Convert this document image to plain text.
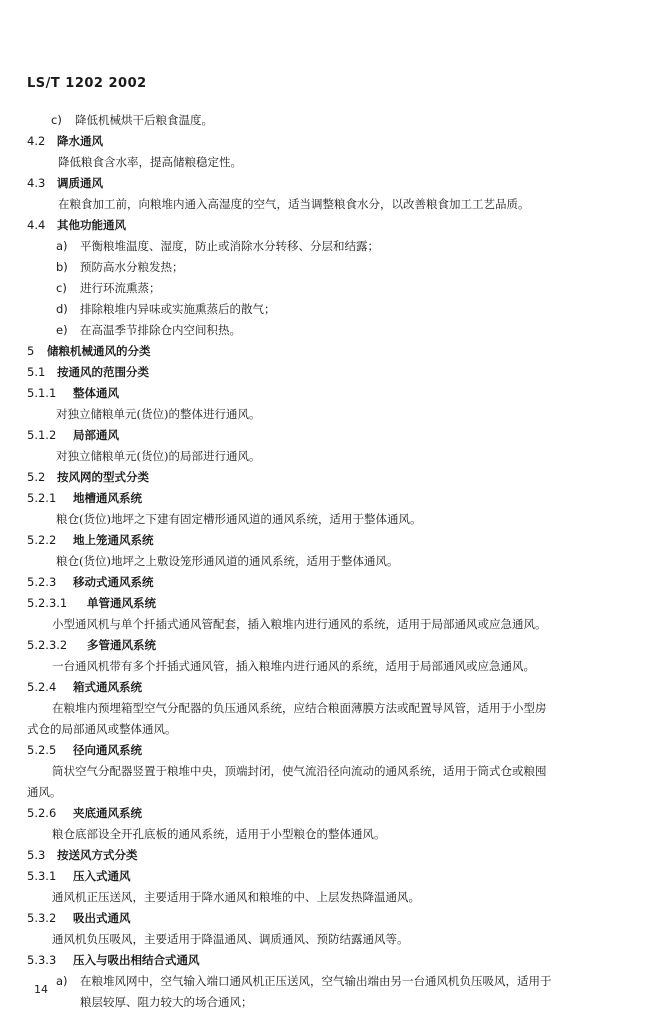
LS/T 1202 2002
c) 降低机械烘干后粮食温度。
4.2 降水通风
降低粮食含水率，提高储粮稳定性。
4.3 调质通风
在粮食加工前，向粮堆内通入高湿度的空气，适当调整粮食水分，以改善粮食加工工艺品质。
4.4 其他功能通风
a) 平衡粮堆温度、湿度，防止或消除水分转移、分层和结露；
b) 预防高水分粮发热；
c) 进行环流熏蒸；
d) 排除粮堆内异味或实施熏蒸后的散气；
e) 在高温季节排除仓内空间积热。
5 储粮机械通风的分类
5.1 按通风的范围分类
5.1.1 整体通风
对独立储粮单元(货位)的整体进行通风。
5.1.2 局部通风
对独立储粮单元(货位)的局部进行通风。
5.2 按风网的型式分类
5.2.1 地槽通风系统
粮仓(货位)地坪之下建有固定槽形通风道的通风系统，适用于整体通风。
5.2.2 地上笼通风系统
粮仓(货位)地坪之上敷设笼形通风道的通风系统，适用于整体通风。
5.2.3 移动式通风系统
5.2.3.1 单管通风系统
小型通风机与单个扦插式通风管配套，插入粮堆内进行通风的系统，适用于局部通风或应急通风。
5.2.3.2 多管通风系统
一台通风机带有多个扦插式通风管，插入粮堆内进行通风的系统，适用于局部通风或应急通风。
5.2.4 箱式通风系统
在粮堆内预埋箱型空气分配器的负压通风系统，应结合粮面薄膜方法或配置导风管，适用于小型房
式仓的局部通风或整体通风。
5.2.5 径向通风系统
筒状空气分配器竖置于粮堆中央，顶端封闭，使气流沿径向流动的通风系统，适用于筒式仓或粮囤
通风。
5.2.6 夹底通风系统
粮仓底部设全开孔底板的通风系统，适用于小型粮仓的整体通风。
5.3 按送风方式分类
5.3.1 压入式通风
通风机正压送风，主要适用于降水通风和粮堆的中、上层发热降温通风。
5.3.2 吸出式通风
通风机负压吸风，主要适用于降温通风、调质通风、预防结露通风等。
5.3.3 压入与吸出相结合式通风
a) 在粮堆风网中，空气输入端口通风机正压送风，空气输出端由另一台通风机负压吸风，适用于
14
粮层较厚、阻力较大的场合通风；
